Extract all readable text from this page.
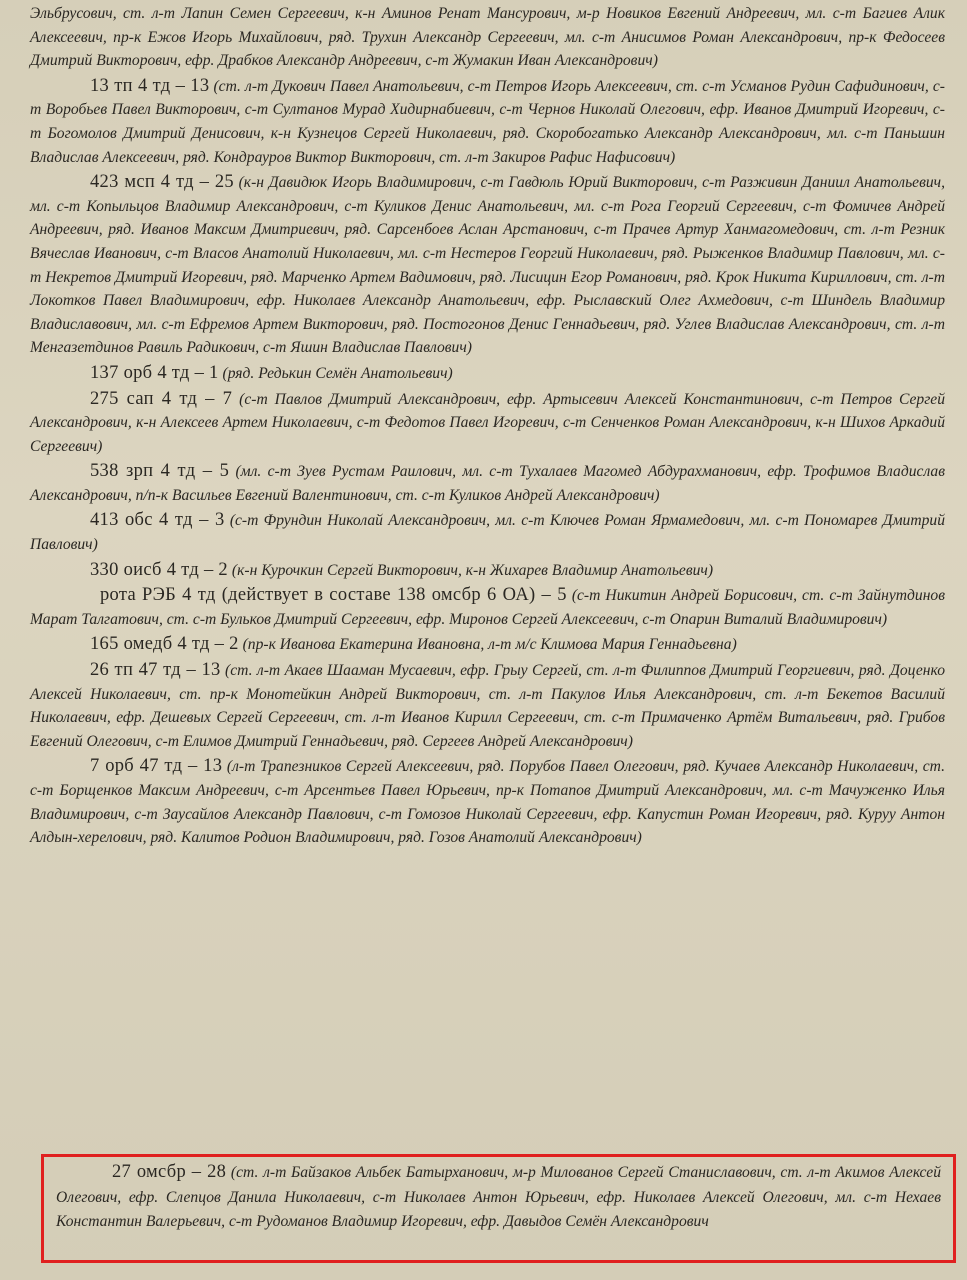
Эльбрусович, ст. л-т Лапин Семен Сергеевич, к-н Аминов Ренат Мансурович, м-р Новиков Евгений Андреевич, мл. с-т Багиев Алик Алексеевич, пр-к Ежов Игорь Михайлович, ряд. Трухин Александр Сергеевич, мл. с-т Анисимов Роман Александрович, пр-к Федосеев Дмитрий Викторович, ефр. Драбков Александр Андреевич, с-т Жумакин Иван Александрович)

13 тп 4 тд – 13 (ст. л-т Дукович Павел Анатольевич, с-т Петров Игорь Алексеевич, ст. с-т Усманов Рудин Сафидинович, с-т Воробьев Павел Викторович, с-т Султанов Мурад Хидирнабиевич, с-т Чернов Николай Олегович, ефр. Иванов Дмитрий Игоревич, с-т Богомолов Дмитрий Денисович, к-н Кузнецов Сергей Николаевич, ряд. Скоробогатько Александр Александрович, мл. с-т Паньшин Владислав Алексеевич, ряд. Кондрауров Виктор Викторович, ст. л-т Закиров Рафис Нафисович)

423 мсп 4 тд – 25 (к-н Давидюк Игорь Владимирович, с-т Гавдюль Юрий Викторович, с-т Разживин Даниил Анатольевич, мл. с-т Копыльцов Владимир Александрович, с-т Куликов Денис Анатольевич, мл. с-т Рога Георгий Сергеевич, с-т Фомичев Андрей Андреевич, ряд. Иванов Максим Дмитриевич, ряд. Сарсенбоев Аслан Арстанович, с-т Прачев Артур Ханмагомедович, ст. л-т Резник Вячеслав Иванович, с-т Власов Анатолий Николаевич, мл. с-т Нестеров Георгий Николаевич, ряд. Рыженков Владимир Павлович, мл. с-т Некретов Дмитрий Игоревич, ряд. Марченко Артем Вадимович, ряд. Лисицин Егор Романович, ряд. Крок Никита Кириллович, ст. л-т Локотков Павел Владимирович, ефр. Николаев Александр Анатольевич, ефр. Рыславский Олег Ахмедович, с-т Шиндель Владимир Владиславович, мл. с-т Ефремов Артем Викторович, ряд. Постогонов Денис Геннадьевич, ряд. Углев Владислав Александрович, ст. л-т Менгазетдинов Равиль Радикович, с-т Яшин Владислав Павлович)

137 орб 4 тд – 1 (ряд. Редькин Семён Анатольевич)

275 сап 4 тд – 7 (с-т Павлов Дмитрий Александрович, ефр. Артысевич Алексей Константинович, с-т Петров Сергей Александрович, к-н Алексеев Артем Николаевич, с-т Федотов Павел Игоревич, с-т Сенченков Роман Александрович, к-н Шихов Аркадий Сергеевич)

538 зрп 4 тд – 5 (мл. с-т Зуев Рустам Раилович, мл. с-т Тухалаев Магомед Абдурахманович, ефр. Трофимов Владислав Александрович, п/п-к Васильев Евгений Валентинович, ст. с-т Куликов Андрей Александрович)

413 обс 4 тд – 3 (с-т Фрундин Николай Александрович, мл. с-т Ключев Роман Ярмамедович, мл. с-т Пономарев Дмитрий Павлович)

330 оисб 4 тд – 2 (к-н Курочкин Сергей Викторович, к-н Жихарев Владимир Анатольевич)

рота РЭБ 4 тд (действует в составе 138 омсбр 6 ОА) – 5 (с-т Никитин Андрей Борисович, ст. с-т Зайнутдинов Марат Талгатович, ст. с-т Бульков Дмитрий Сергеевич, ефр. Миронов Сергей Алексеевич, с-т Опарин Виталий Владимирович)

165 омедб 4 тд – 2 (пр-к Иванова Екатерина Ивановна, л-т м/с Климова Мария Геннадьевна)

26 тп 47 тд – 13 (ст. л-т Акаев Шааман Мусаевич, ефр. Грыу Сергей, ст. л-т Филиппов Дмитрий Георгиевич, ряд. Доценко Алексей Николаевич, ст. пр-к Монотейкин Андрей Викторович, ст. л-т Пакулов Илья Александрович, ст. л-т Бекетов Василий Николаевич, ефр. Дешевых Сергей Сергеевич, ст. л-т Иванов Кирилл Сергеевич, ст. с-т Примаченко Артём Витальевич, ряд. Грибов Евгений Олегович, с-т Елимов Дмитрий Геннадьевич, ряд. Сергеев Андрей Александрович)

7 орб 47 тд – 13 (л-т Трапезников Сергей Алексеевич, ряд. Порубов Павел Олегович, ряд. Кучаев Александр Николаевич, ст. с-т Борщенков Максим Андреевич, с-т Арсентьев Павел Юрьевич, пр-к Потапов Дмитрий Александрович, мл. с-т Мачуженко Илья Владимирович, с-т Заусайлов Александр Павлович, с-т Гомозов Николай Сергеевич, ефр. Капустин Роман Игоревич, ряд. Куруу Антон Алдын-херелович, ряд. Калитов Родион Владимирович, ряд. Гозов Анатолий Александрович)

27 омсбр – 28 (ст. л-т Байзаков Альбек Батырханович, м-р Милованов Сергей Станиславович, ст. л-т Акимов Алексей Олегович, ефр. Слепцов Данила Николаевич, с-т Николаев Антон Юрьевич, ефр. Николаев Алексей Олегович, мл. с-т Нехаев Константин Валерьевич, с-т Рудоманов Владимир Игоревич, ефр. Давыдов Семён Александрович
